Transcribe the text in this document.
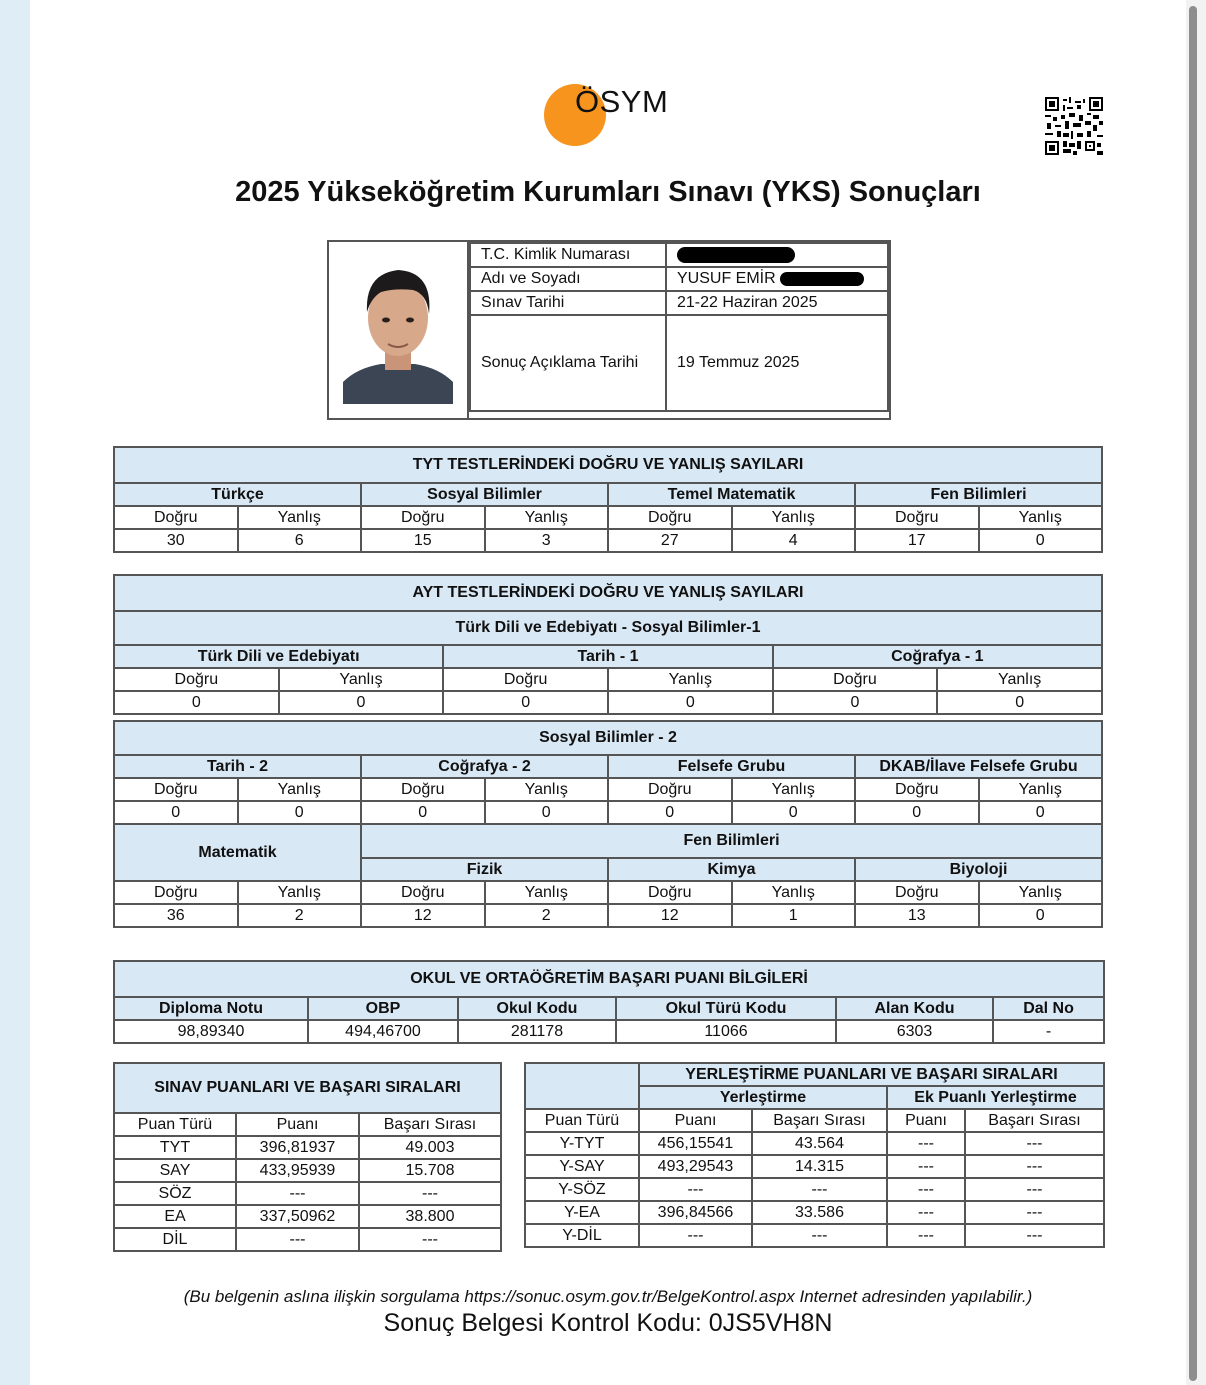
ÖSYM
2025 Yükseköğretim Kurumları Sınavı (YKS) Sonuçları
T.C. Kimlik Numarası	
Adı ve Soyadı	YUSUF EMİR
Sınav Tarihi	21-22 Haziran 2025
Sonuç Açıklama Tarihi	19 Temmuz 2025
TYT TESTLERİNDEKİ DOĞRU VE YANLIŞ SAYILARI							
Türkçe		Sosyal Bilimler		Temel Matematik		Fen Bilimleri	
Doğru	Yanlış	Doğru	Yanlış	Doğru	Yanlış	Doğru	Yanlış
30	6	15	3	27	4	17	0
AYT TESTLERİNDEKİ DOĞRU VE YANLIŞ SAYILARI					
Türk Dili ve Edebiyatı - Sosyal Bilimler-1					
Türk Dili ve Edebiyatı		Tarih - 1		Coğrafya - 1	
Doğru	Yanlış	Doğru	Yanlış	Doğru	Yanlış
0	0	0	0	0	0
Sosyal Bilimler - 2							
Tarih - 2		Coğrafya - 2		Felsefe Grubu		DKAB/İlave Felsefe Grubu	
Doğru	Yanlış	Doğru	Yanlış	Doğru	Yanlış	Doğru	Yanlış
0	0	0	0	0	0	0	0
Matematik		Fen Bilimleri					
		Fizik		Kimya		Biyoloji	
Doğru	Yanlış	Doğru	Yanlış	Doğru	Yanlış	Doğru	Yanlış
36	2	12	2	12	1	13	0
OKUL VE ORTAÖĞRETİM BAŞARI PUANI BİLGİLERİ					
Diploma Notu	OBP	Okul Kodu	Okul Türü Kodu	Alan Kodu	Dal No
98,89340	494,46700	281178	11066	6303	-
SINAV PUANLARI VE BAŞARI SIRALARI		
Puan Türü	Puanı	Başarı Sırası
TYT	396,81937	49.003
SAY	433,95939	15.708
SÖZ	---	---
EA	337,50962	38.800
DİL	---	---
	YERLEŞTİRME PUANLARI VE BAŞARI SIRALARI			
	Yerleştirme		Ek Puanlı Yerleştirme	
Puan Türü	Puanı	Başarı Sırası	Puanı	Başarı Sırası
Y-TYT	456,15541	43.564	---	---
Y-SAY	493,29543	14.315	---	---
Y-SÖZ	---	---	---	---
Y-EA	396,84566	33.586	---	---
Y-DİL	---	---	---	---
(Bu belgenin aslına ilişkin sorgulama https://sonuc.osym.gov.tr/BelgeKontrol.aspx Internet adresinden yapılabilir.)
Sonuç Belgesi Kontrol Kodu: 0JS5VH8N
